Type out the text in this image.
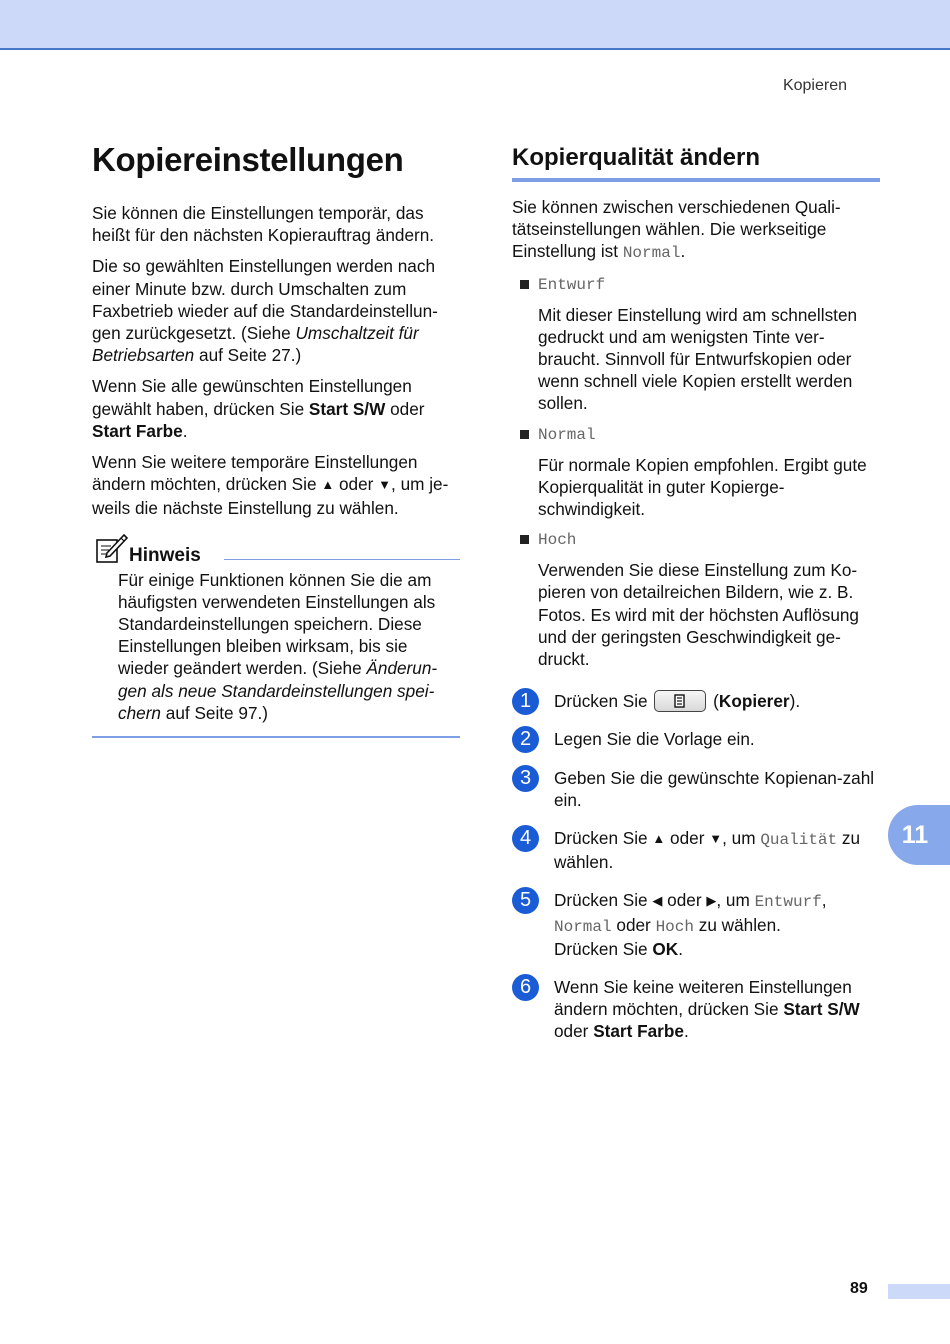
Kopieren
Kopiereinstellungen

Sie können die Einstellungen temporär, das heißt für den nächsten Kopierauftrag ändern.

Die so gewählten Einstellungen werden nach einer Minute bzw. durch Umschalten zum Faxbetrieb wieder auf die Standardeinstellun-gen zurückgesetzt. (Siehe Umschaltzeit für Betriebsarten auf Seite 27.)

Wenn Sie alle gewünschten Einstellungen gewählt haben, drücken Sie Start S/W oder Start Farbe.

Wenn Sie weitere temporäre Einstellungen ändern möchten, drücken Sie ▲ oder ▼, um je-weils die nächste Einstellung zu wählen.

Hinweis

Für einige Funktionen können Sie die am häufigsten verwendeten Einstellungen als Standardeinstellungen speichern. Diese Einstellungen bleiben wirksam, bis sie wieder geändert werden. (Siehe Änderun-gen als neue Standardeinstellungen spei-chern auf Seite 97.)

Kopierqualität ändern

Sie können zwischen verschiedenen Quali-tätseinstellungen wählen. Die werkseitige Einstellung ist Normal.

Entwurf

Mit dieser Einstellung wird am schnellsten gedruckt und am wenigsten Tinte ver-braucht. Sinnvoll für Entwurfskopien oder wenn schnell viele Kopien erstellt werden sollen.

Normal

Für normale Kopien empfohlen. Ergibt gute Kopierqualität in guter Kopierge-schwindigkeit.

Hoch

Verwenden Sie diese Einstellung zum Ko-pieren von detailreichen Bildern, wie z. B. Fotos. Es wird mit der höchsten Auflösung und der geringsten Geschwindigkeit ge-druckt.

1	Drücken Sie	(Kopierer).

2	Legen Sie die Vorlage ein.

3	Geben Sie die gewünschte Kopienan-zahl ein.

4	Drücken Sie ▲ oder ▼, um Qualität zu wählen.

5	Drücken Sie ◀ oder ▶, um Entwurf, Normal oder Hoch zu wählen.
Drücken Sie OK.

6	Wenn Sie keine weiteren Einstellungen ändern möchten, drücken Sie Start S/W oder Start Farbe.

11
89
